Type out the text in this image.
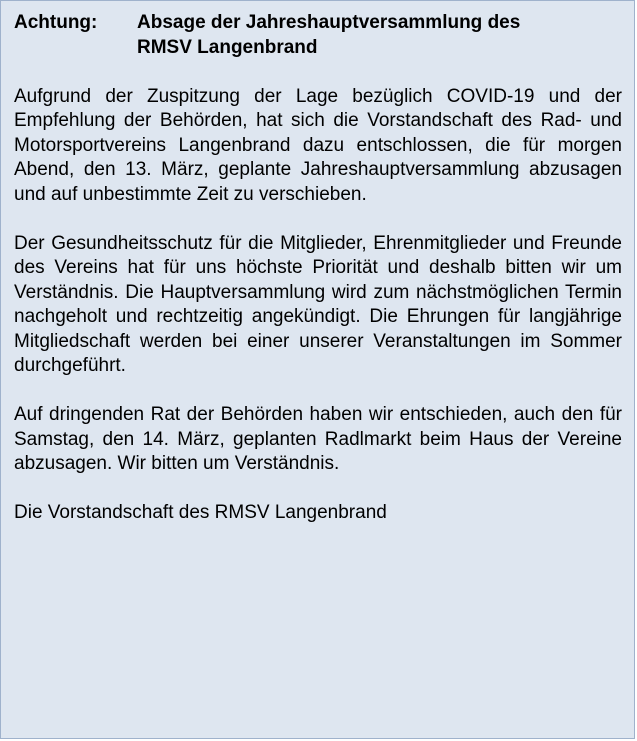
Achtung:	Absage der Jahreshauptversammlung des
RMSV Langenbrand

Aufgrund der Zuspitzung der Lage bezüglich COVID-19 und der Empfehlung der Behörden, hat sich die Vorstandschaft des Rad- und Motorsportvereins Langenbrand dazu entschlossen, die für morgen Abend, den 13. März, geplante Jahreshauptversammlung abzusagen und auf unbestimmte Zeit zu verschieben.

Der Gesundheitsschutz für die Mitglieder, Ehrenmitglieder und Freunde des Vereins hat für uns höchste Priorität und deshalb bitten wir um Verständnis. Die Hauptversammlung wird zum nächstmöglichen Termin nachgeholt und rechtzeitig angekündigt. Die Ehrungen für langjährige Mitgliedschaft werden bei einer unserer Veranstaltungen im Sommer durchgeführt.

Auf dringenden Rat der Behörden haben wir entschieden, auch den für Samstag, den 14. März, geplanten Radlmarkt beim Haus der Vereine abzusagen. Wir bitten um Verständnis.

Die Vorstandschaft des RMSV Langenbrand
